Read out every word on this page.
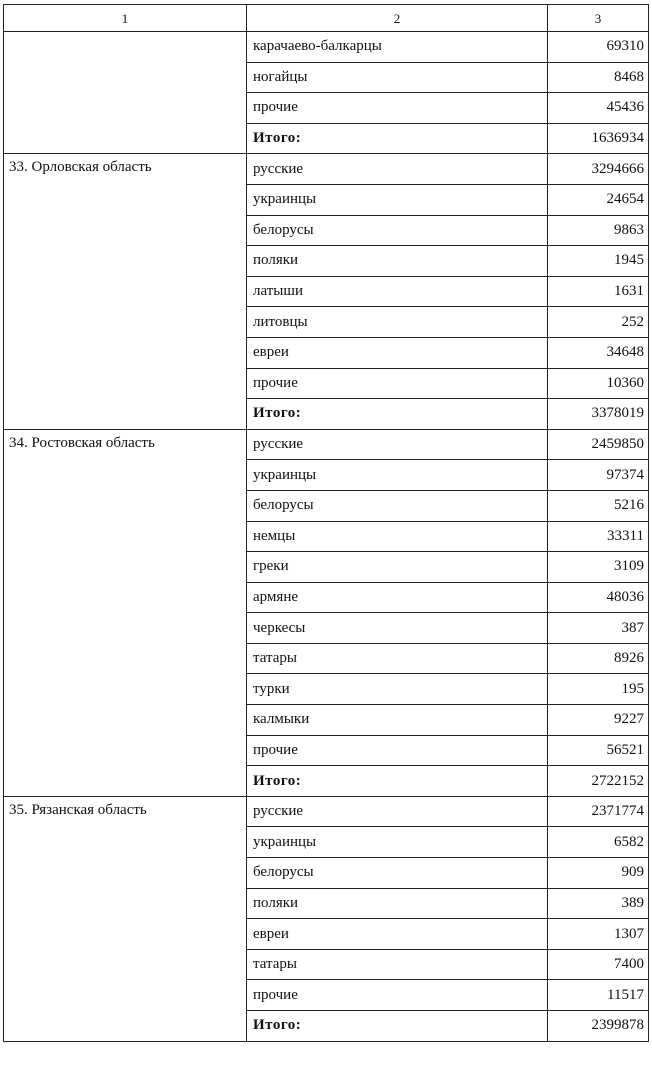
1	2	3
	карачаево-балкарцы	69310
	ногайцы	8468
	прочие	45436
	Итого:	1636934
33. Орловская область	русские	3294666
	украинцы	24654
	белорусы	9863
	поляки	1945
	латыши	1631
	литовцы	252
	евреи	34648
	прочие	10360
	Итого:	3378019
34. Ростовская область	русские	2459850
	украинцы	97374
	белорусы	5216
	немцы	33311
	греки	3109
	армяне	48036
	черкесы	387
	татары	8926
	турки	195
	калмыки	9227
	прочие	56521
	Итого:	2722152
35. Рязанская область	русские	2371774
	украинцы	6582
	белорусы	909
	поляки	389
	евреи	1307
	татары	7400
	прочие	11517
	Итого:	2399878
